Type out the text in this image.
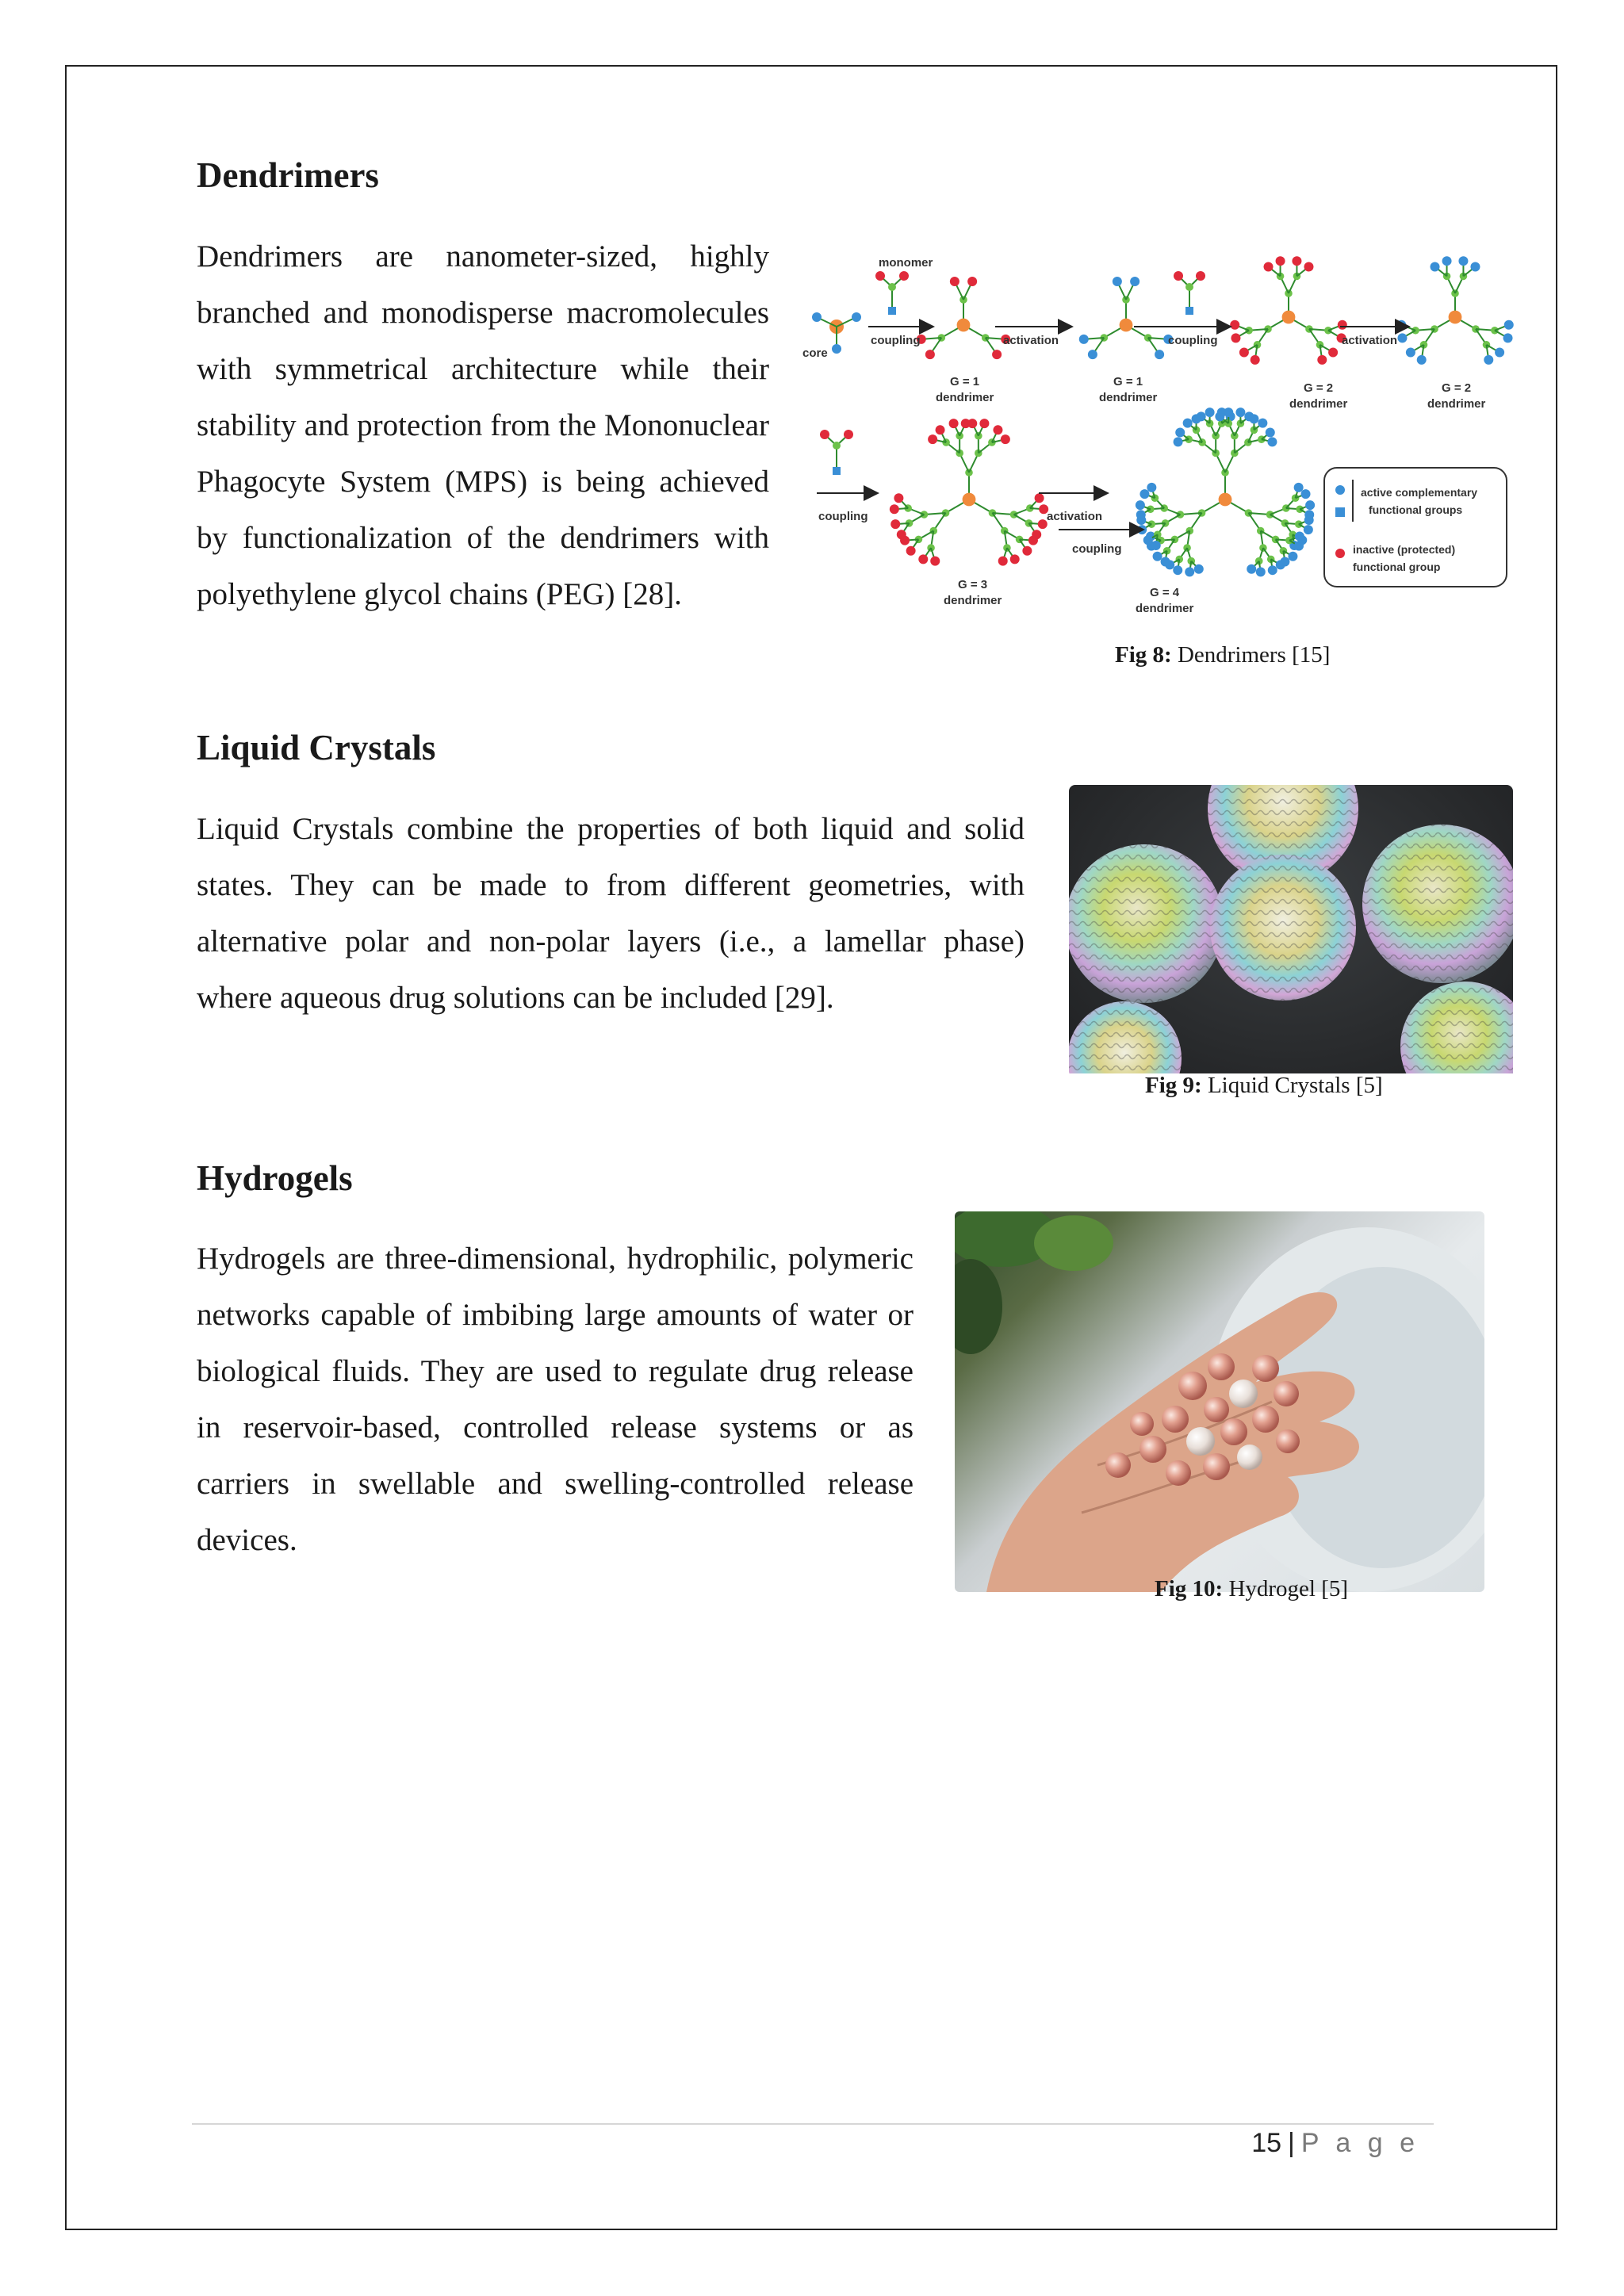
Dendrimers

Dendrimers are nanometer-sized, highly branched and monodisperse macromolecules with symmetrical architecture while their stability and protection from the Mononuclear Phagocyte System (MPS) is being achieved by functionalization of the dendrimers with polyethylene glycol chains (PEG) [28].

monomer
core
coupling	activation	coupling	activation
G = 1
dendrimer
G = 1
dendrimer
G = 2
dendrimer
G = 2
dendrimer
coupling	activation
coupling
G = 3
dendrimer
G = 4
dendrimer
active complementary
functional groups
inactive (protected)
functional group
Fig 8: Dendrimers [15]
Liquid Crystals

Liquid Crystals combine the properties of both liquid and solid states. They can be made to from different geometries, with alternative polar and non-polar layers (i.e., a lamellar phase) where aqueous drug solutions can be included [29].

Fig 9: Liquid Crystals [5]
Hydrogels

Hydrogels are three-dimensional, hydrophilic, polymeric networks capable of imbibing large amounts of water or biological fluids. They are used to regulate drug release in reservoir-based, controlled release systems or as carriers in swellable and swelling-controlled release devices.

Fig 10: Hydrogel [5]
15 | P a g e
